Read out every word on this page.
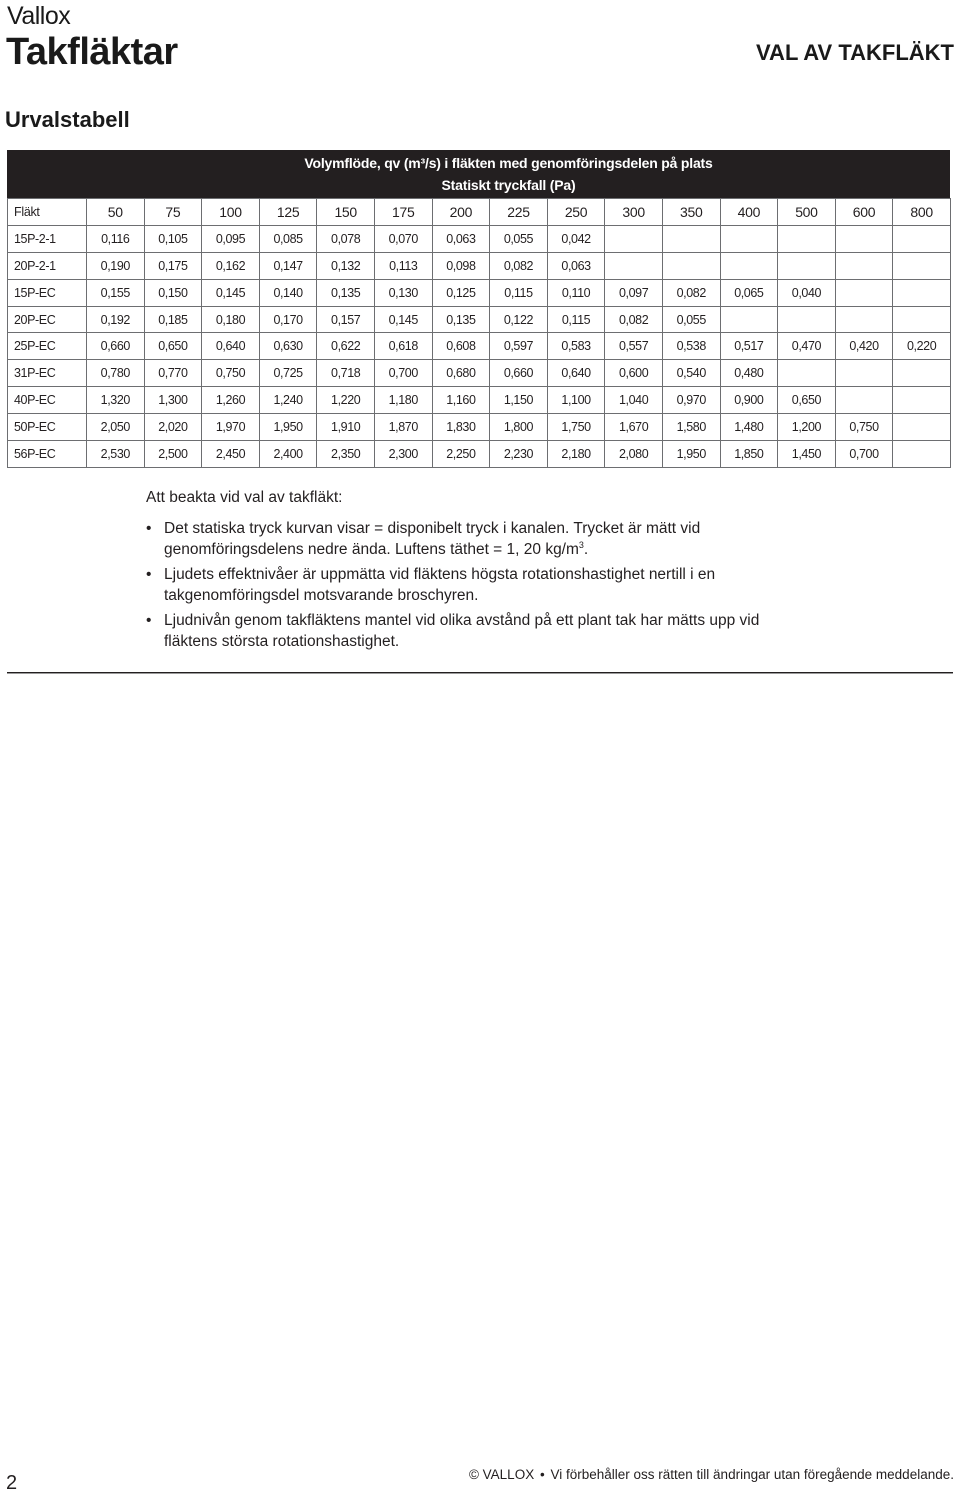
Vallox
Takfläktar	VAL AV TAKFLÄKT
Urvalstabell
Volymflöde, qv (m³/s) i fläkten med genomföringsdelen på plats
Statiskt tryckfall (Pa)
Fläkt	50	75	100	125	150	175	200	225	250	300	350	400	500	600	800
15P-2-1	0,116	0,105	0,095	0,085	0,078	0,070	0,063	0,055	0,042						
20P-2-1	0,190	0,175	0,162	0,147	0,132	0,113	0,098	0,082	0,063						
15P-EC	0,155	0,150	0,145	0,140	0,135	0,130	0,125	0,115	0,110	0,097	0,082	0,065	0,040		
20P-EC	0,192	0,185	0,180	0,170	0,157	0,145	0,135	0,122	0,115	0,082	0,055				
25P-EC	0,660	0,650	0,640	0,630	0,622	0,618	0,608	0,597	0,583	0,557	0,538	0,517	0,470	0,420	0,220
31P-EC	0,780	0,770	0,750	0,725	0,718	0,700	0,680	0,660	0,640	0,600	0,540	0,480			
40P-EC	1,320	1,300	1,260	1,240	1,220	1,180	1,160	1,150	1,100	1,040	0,970	0,900	0,650		
50P-EC	2,050	2,020	1,970	1,950	1,910	1,870	1,830	1,800	1,750	1,670	1,580	1,480	1,200	0,750	
56P-EC	2,530	2,500	2,450	2,400	2,350	2,300	2,250	2,230	2,180	2,080	1,950	1,850	1,450	0,700	
Att beakta vid val av takfläkt:
• Det statiska tryck kurvan visar = disponibelt tryck i kanalen. Trycket är mätt vid genomföringsdelens nedre ända. Luftens täthet = 1, 20 $kg/m^3$.
• Ljudets effektnivåer är uppmätta vid fläktens högsta rotationshastighet nertill i en takgenomföringsdel motsvarande broschyren.
• Ljudnivån genom takfläktens mantel vid olika avstånd på ett plant tak har mätts upp vid fläktens största rotationshastighet.
2	© VALLOX • Vi förbehåller oss rätten till ändringar utan föregående meddelande.
